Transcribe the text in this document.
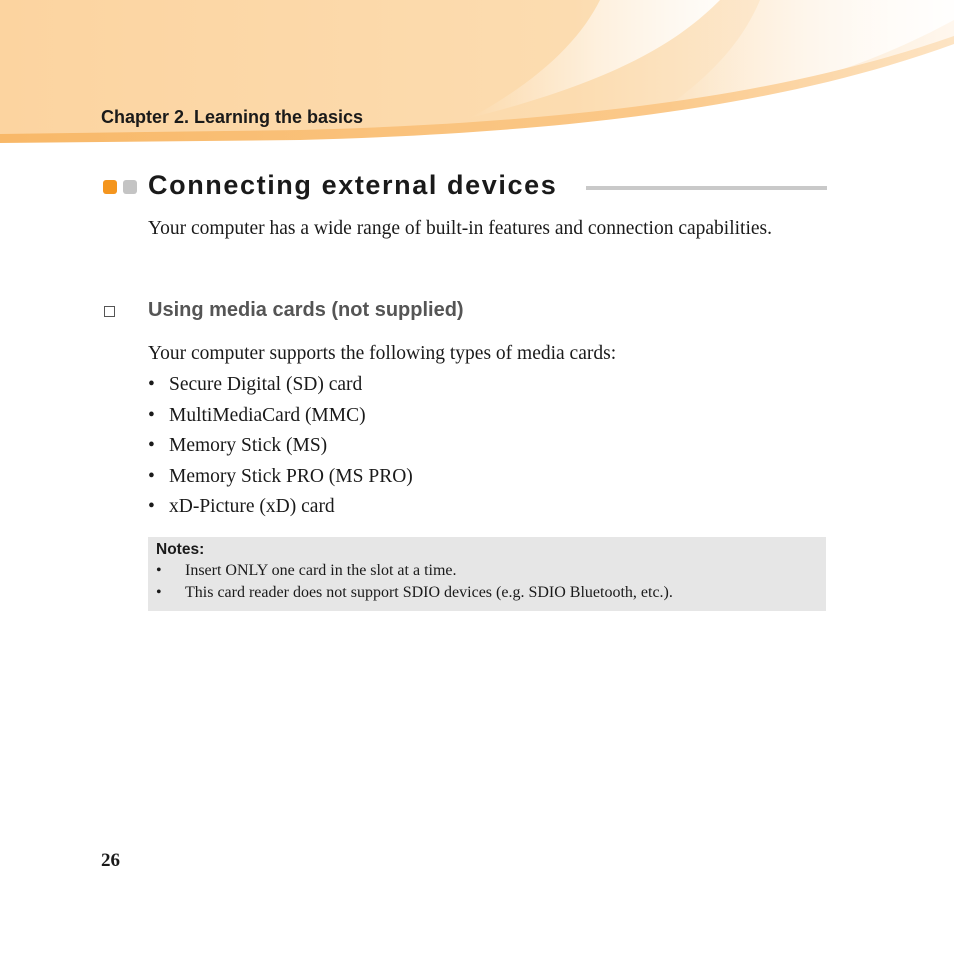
Chapter 2. Learning the basics
Connecting external devices

Your computer has a wide range of built-in features and connection capabilities.

Using media cards (not supplied)

Your computer supports the following types of media cards:

• Secure Digital (SD) card
• MultiMediaCard (MMC)
• Memory Stick (MS)
• Memory Stick PRO (MS PRO)
• xD-Picture (xD) card
Notes:
• Insert ONLY one card in the slot at a time.
• This card reader does not support SDIO devices (e.g. SDIO Bluetooth, etc.).
26
